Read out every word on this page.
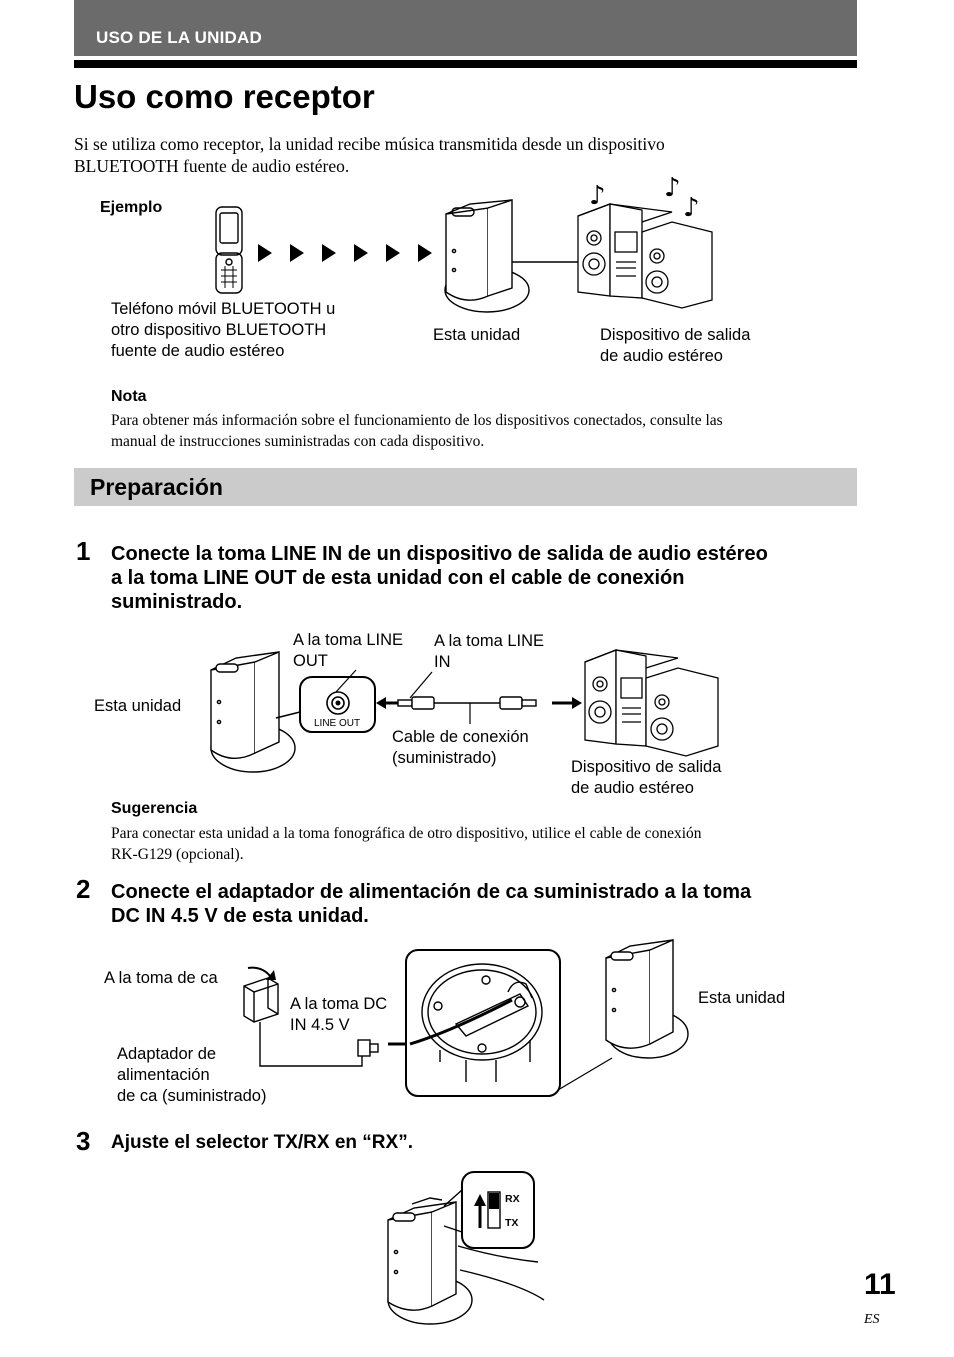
USO DE LA UNIDAD
Uso como receptor
Si se utiliza como receptor, la unidad recibe música transmitida desde un dispositivo
BLUETOOTH fuente de audio estéreo.
Ejemplo	♪ ♪
♪
Teléfono móvil BLUETOOTH u
otro dispositivo BLUETOOTH
fuente de audio estéreo
Esta unidad	Dispositivo de salida
de audio estéreo
Nota
Para obtener más información sobre el funcionamiento de los dispositivos conectados, consulte las
manual de instrucciones suministradas con cada dispositivo.
Preparación
1 Conecte la toma LINE IN de un dispositivo de salida de audio estéreo
a la toma LINE OUT de esta unidad con el cable de conexión
suministrado.
LINE OUT
Esta unidad
A la toma LINE
OUT
A la toma LINE
IN
Cable de conexión
(suministrado)	Dispositivo de salida
de audio estéreo
Sugerencia
Para conectar esta unidad a la toma fonográfica de otro dispositivo, utilice el cable de conexión
RK-G129 (opcional).
2 Conecte el adaptador de alimentación de ca suministrado a la toma
DC IN 4.5 V de esta unidad.
A la toma de ca
A la toma DC
IN 4.5 V
Adaptador de
alimentación
de ca (suministrado)
Esta unidad
3 Ajuste el selector TX/RX en “RX”.
RX
TX
11
ES
